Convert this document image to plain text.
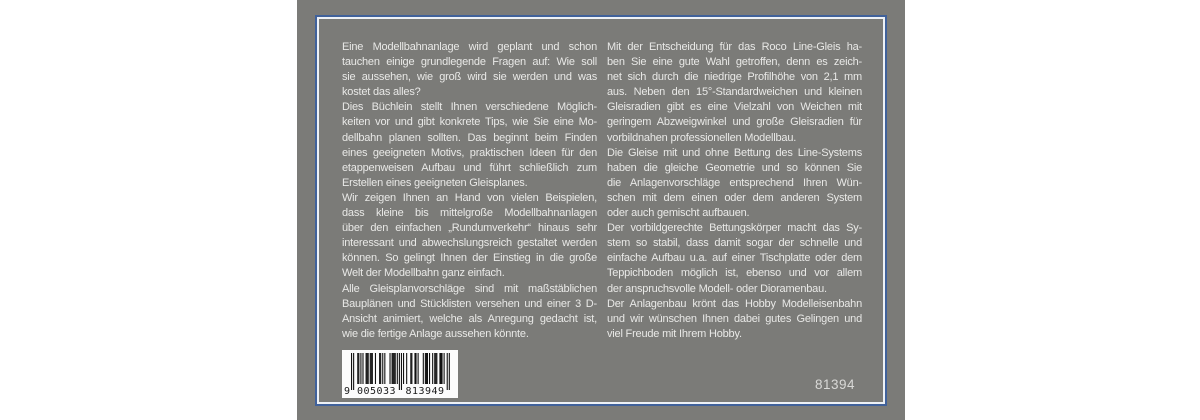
Eine Modellbahnanlage wird geplant und schon
tauchen einige grundlegende Fragen auf: Wie soll
sie aussehen, wie groß wird sie werden und was
kostet das alles?
Dies Büchlein stellt Ihnen verschiedene Möglich-
keiten vor und gibt konkrete Tips, wie Sie eine Mo-
dellbahn planen sollten. Das beginnt beim Finden
eines geeigneten Motivs, praktischen Ideen für den
etappenweisen Aufbau und führt schließlich zum
Erstellen eines geeigneten Gleisplanes.
Wir zeigen Ihnen an Hand von vielen Beispielen,
dass kleine bis mittelgroße Modellbahnanlagen
über den einfachen „Rundumverkehr“ hinaus sehr
interessant und abwechslungsreich gestaltet werden
können. So gelingt Ihnen der Einstieg in die große
Welt der Modellbahn ganz einfach.
Alle Gleisplanvorschläge sind mit maßstäblichen
Bauplänen und Stücklisten versehen und einer 3 D-
Ansicht animiert, welche als Anregung gedacht ist,
wie die fertige Anlage aussehen könnte.
Mit der Entscheidung für das Roco Line-Gleis ha-
ben Sie eine gute Wahl getroffen, denn es zeich-
net sich durch die niedrige Profilhöhe von 2,1 mm
aus. Neben den 15°-Standardweichen und kleinen
Gleisradien gibt es eine Vielzahl von Weichen mit
geringem Abzweigwinkel und große Gleisradien für
vorbildnahen professionellen Modellbau.
Die Gleise mit und ohne Bettung des Line-Systems
haben die gleiche Geometrie und so können Sie
die Anlagenvorschläge entsprechend Ihren Wün-
schen mit dem einen oder dem anderen System
oder auch gemischt aufbauen.
Der vorbildgerechte Bettungskörper macht das Sy-
stem so stabil, dass damit sogar der schnelle und
einfache Aufbau u.a. auf einer Tischplatte oder dem
Teppichboden möglich ist, ebenso und vor allem
der anspruchsvolle Modell- oder Dioramenbau.
Der Anlagenbau krönt das Hobby Modelleisenbahn
und wir wünschen Ihnen dabei gutes Gelingen und
viel Freude mit Ihrem Hobby.
9 005033 813949	81394
